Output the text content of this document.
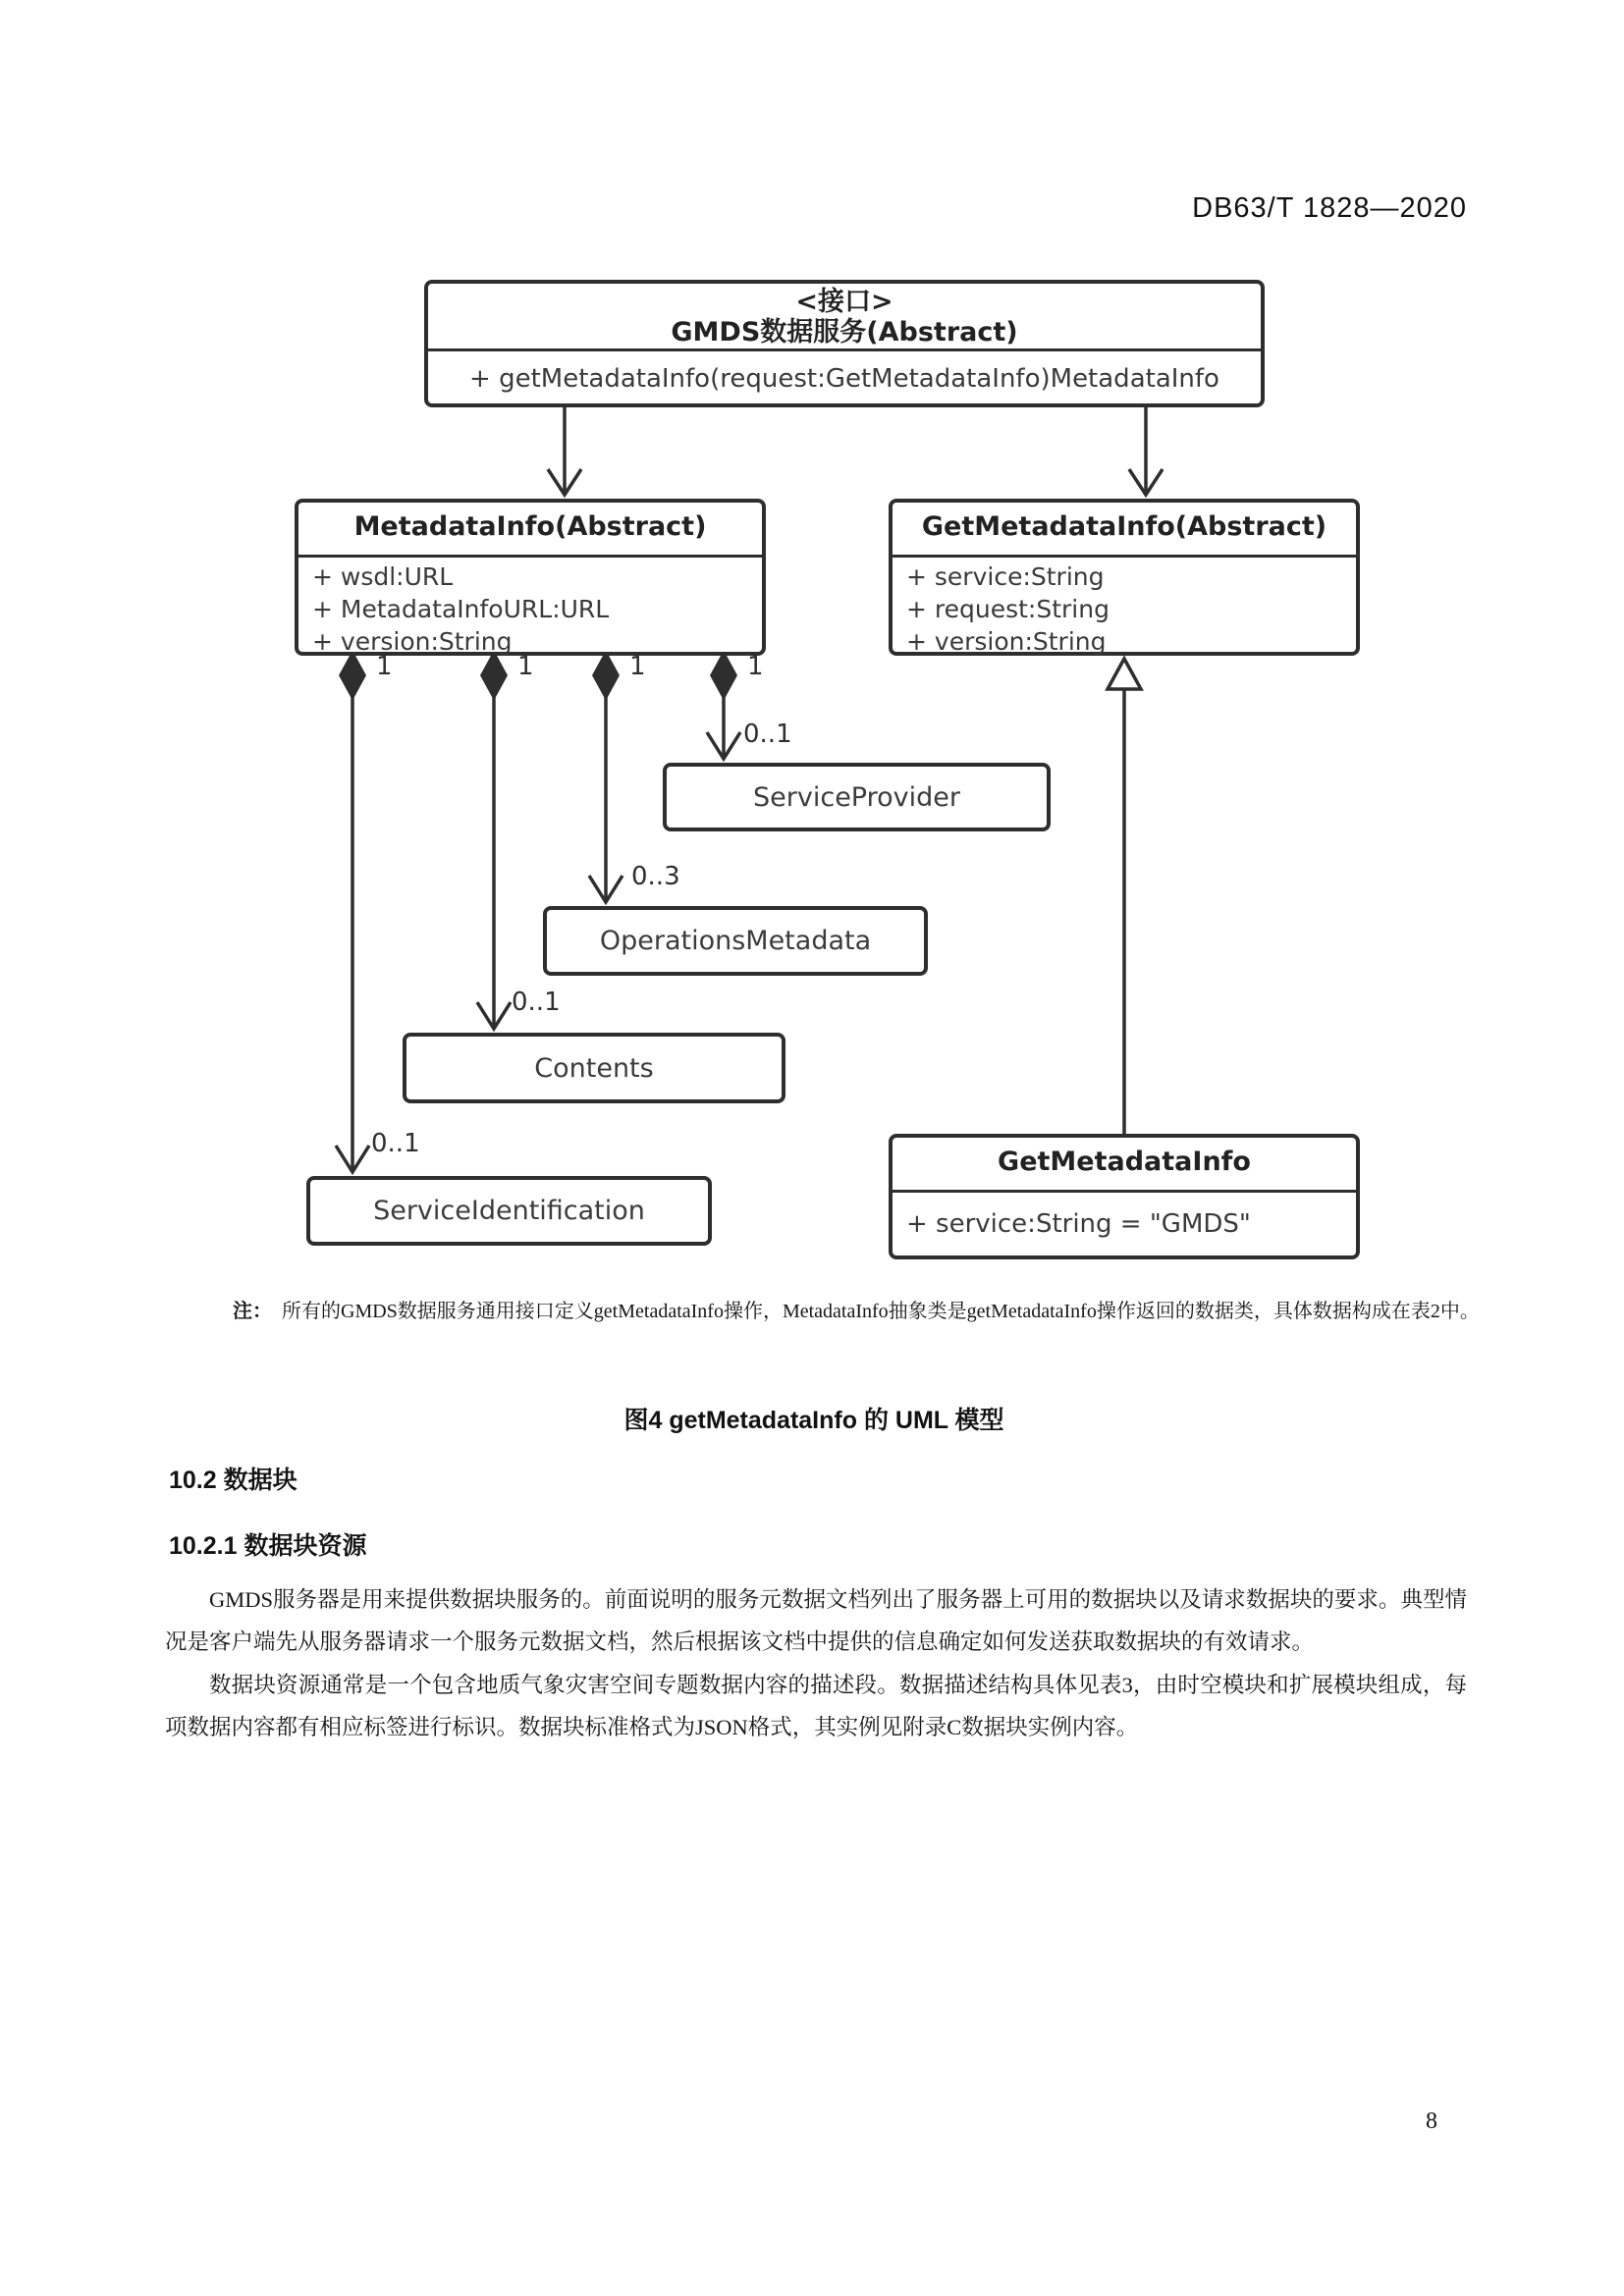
DB63/T 1828—2020
<接口>
GMDS数据服务(Abstract)
+ getMetadataInfo(request:GetMetadataInfo)MetadataInfo
MetadataInfo(Abstract)
+ wsdl:URL
+ MetadataInfoURL:URL
+ version:String
GetMetadataInfo(Abstract)
+ service:String
+ request:String
+ version:String
ServiceProvider
OperationsMetadata
Contents
ServiceIdentification
GetMetadataInfo
+ service:String = "GMDS"
1	1	1	1
0..1
0..1
0..3
0..1
注： 所有的GMDS数据服务通用接口定义getMetadataInfo操作，MetadataInfo抽象类是getMetadataInfo操作返回的数据类，具体数据构成在表2中。
图4 getMetadataInfo 的 UML 模型
10.2 数据块
10.2.1 数据块资源

GMDS服务器是用来提供数据块服务的。前面说明的服务元数据文档列出了服务器上可用的数据块以及请求数据块的要求。典型情况是客户端先从服务器请求一个服务元数据文档，然后根据该文档中提供的信息确定如何发送获取数据块的有效请求。

数据块资源通常是一个包含地质气象灾害空间专题数据内容的描述段。数据描述结构具体见表3，由时空模块和扩展模块组成，每项数据内容都有相应标签进行标识。数据块标准格式为JSON格式，其实例见附录C数据块实例内容。

8
